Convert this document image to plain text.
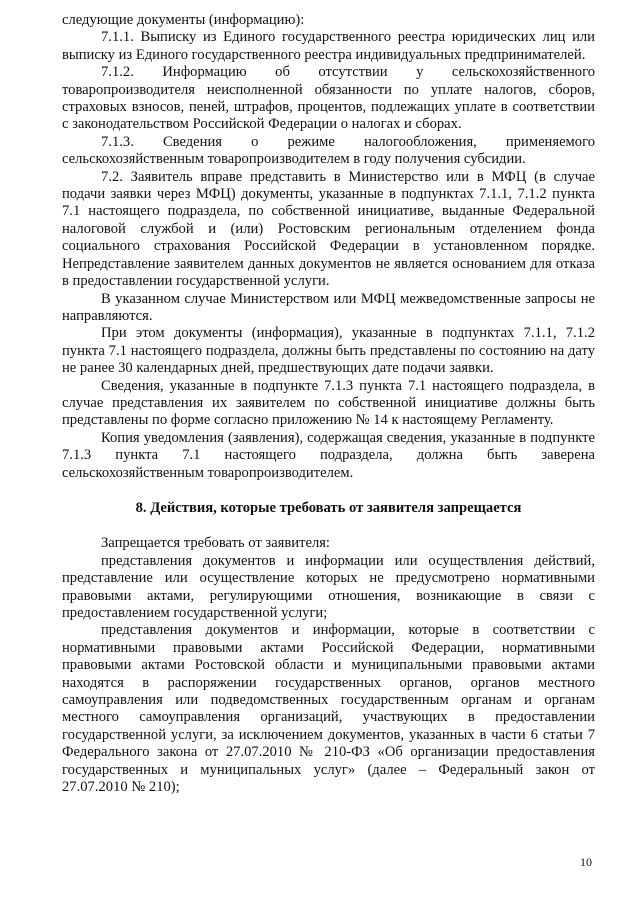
следующие документы (информацию):

7.1.1. Выписку из Единого государственного реестра юридических лиц или выписку из Единого государственного реестра индивидуальных предпринимателей.

7.1.2. Информацию об отсутствии у сельскохозяйственного товаропроизводителя неисполненной обязанности по уплате налогов, сборов, страховых взносов, пеней, штрафов, процентов, подлежащих уплате в соответствии с законодательством Российской Федерации о налогах и сборах.

7.1.3. Сведения о режиме налогообложения, применяемого сельскохозяйственным товаропроизводителем в году получения субсидии.

7.2. Заявитель вправе представить в Министерство или в МФЦ (в случае подачи заявки через МФЦ) документы, указанные в подпунктах 7.1.1, 7.1.2 пункта 7.1 настоящего подраздела, по собственной инициативе, выданные Федеральной налоговой службой и (или) Ростовским региональным отделением фонда социального страхования Российской Федерации в установленном порядке. Непредставление заявителем данных документов не является основанием для отказа в предоставлении государственной услуги.

В указанном случае Министерством или МФЦ межведомственные запросы не направляются.

При этом документы (информация), указанные в подпунктах 7.1.1, 7.1.2 пункта 7.1 настоящего подраздела, должны быть представлены по состоянию на дату не ранее 30 календарных дней, предшествующих дате подачи заявки.

Сведения, указанные в подпункте 7.1.3 пункта 7.1 настоящего подраздела, в случае представления их заявителем по собственной инициативе должны быть представлены по форме согласно приложению № 14 к настоящему Регламенту.

Копия уведомления (заявления), содержащая сведения, указанные в подпункте 7.1.3 пункта 7.1 настоящего подраздела, должна быть заверена сельскохозяйственным товаропроизводителем.

8. Действия, которые требовать от заявителя запрещается

Запрещается требовать от заявителя:

представления документов и информации или осуществления действий, представление или осуществление которых не предусмотрено нормативными правовыми актами, регулирующими отношения, возникающие в связи с предоставлением государственной услуги;

представления документов и информации, которые в соответствии с нормативными правовыми актами Российской Федерации, нормативными правовыми актами Ростовской области и муниципальными правовыми актами находятся в распоряжении государственных органов, органов местного самоуправления или подведомственных государственным органам и органам местного самоуправления организаций, участвующих в предоставлении государственной услуги, за исключением документов, указанных в части 6 статьи 7 Федерального закона от 27.07.2010 № 210-ФЗ «Об организации предоставления государственных и муниципальных услуг» (далее – Федеральный закон от 27.07.2010 № 210);

10
